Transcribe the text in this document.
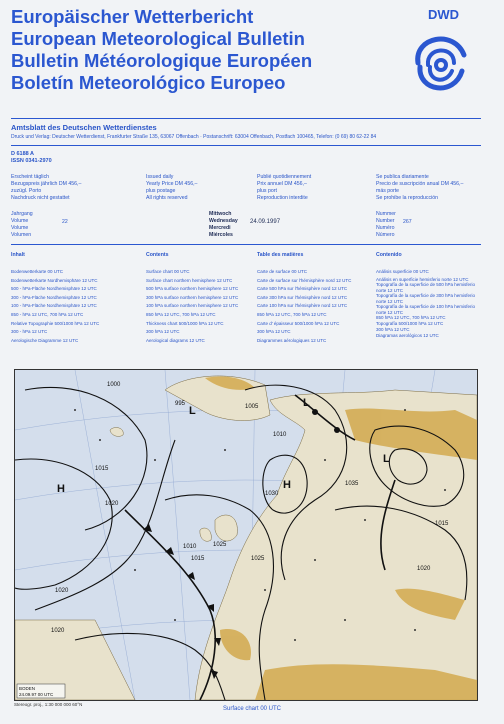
Europäischer Wetterbericht
European Meteorological Bulletin
Bulletin Météorologique Européen
Boletín Meteorológico Europeo
DWD
Amtsblatt des Deutschen Wetterdienstes
Druck und Verlag: Deutscher Wetterdienst, Frankfurter Straße 135, 63067 Offenbach · Postanschrift: 63004 Offenbach, Postfach 100465, Telefon: (0 69) 80 62-22 84
D 6188 A
ISSN 0341-2970
Erscheint täglich
Bezugspreis jährlich DM 456,–
zuzügl. Porto
Nachdruck nicht gestattet
Issued daily
Yearly Price DM 456,–
plus postage
All rights reserved
Publié quotidiennement
Prix annuel DM 456,–
plus port
Reproduction interdite
Se publica diariamente
Precio de suscripción anual DM 456,–
más porte
Se prohibe la reproducción
Jahrgang
Volume
Volume
Volumen
22
Mittwoch
Wednesday
Mercredi
Miércoles
24.09.1997
Nummer
Number
Numéro
Número
267
Inhalt
Bodenwetterkarte 00 UTC
Bodenwetterkarte Nordhemisphäre 12 UTC
500 - hPa-Fläche Nordhemisphäre 12 UTC
300 - hPa-Fläche Nordhemisphäre 12 UTC
100 - hPa-Fläche Nordhemisphäre 12 UTC
850 - hPa 12 UTC, 700 hPa 12 UTC
Relative Topographie 500/1000 hPa 12 UTC
300 - hPa 12 UTC
Aerologische Diagramme 12 UTC
Contents
Surface chart 00 UTC
Surface chart northern hemisphere 12 UTC
500 hPa surface northern hemisphere 12 UTC
300 hPa surface northern hemisphere 12 UTC
100 hPa surface northern hemisphere 12 UTC
850 hPa 12 UTC, 700 hPa 12 UTC
Thickness chart 500/1000 hPa 12 UTC
300 hPa 12 UTC
Aerological diagrams 12 UTC
Table des matières
Carte de surface 00 UTC
Carte de surface sur l'hémisphère nord 12 UTC
Carte 500 hPa sur l'hémisphère nord 12 UTC
Carte 300 hPa sur l'hémisphère nord 12 UTC
Carte 100 hPa sur l'hémisphère nord 12 UTC
850 hPa 12 UTC, 700 hPa 12 UTC
Carte d' épaisseur 500/1000 hPa 12 UTC
300 hPa 12 UTC
Diagrammes aérologiques 12 UTC
Contenido
Análisis superficie 00 UTC
Análisis en superficie hemisferio norte 12 UTC
Topografía de la superficie de 500 hPa hemisferio norte 12 UTC
Topografía de la superficie de 300 hPa hemisferio norte 12 UTC
Topografía de la superficie de 100 hPa hemisferio norte 12 UTC
850 hPa 12 UTC, 700 hPa 12 UTC
Topografía 500/1000 hPa 12 UTC
300 hPa 12 UTC
Diagramas aerológicos 12 UTC
H
L
L
L
H
1000
995	1005
1010
1015
1020
1025
1030
1035
1015
1010
1020
1020
1015
1020
1025
BODEN
24.09.97 00 UTC
Stereogr. proj., 1:30 000 000 60°N
Surface chart 00 UTC
